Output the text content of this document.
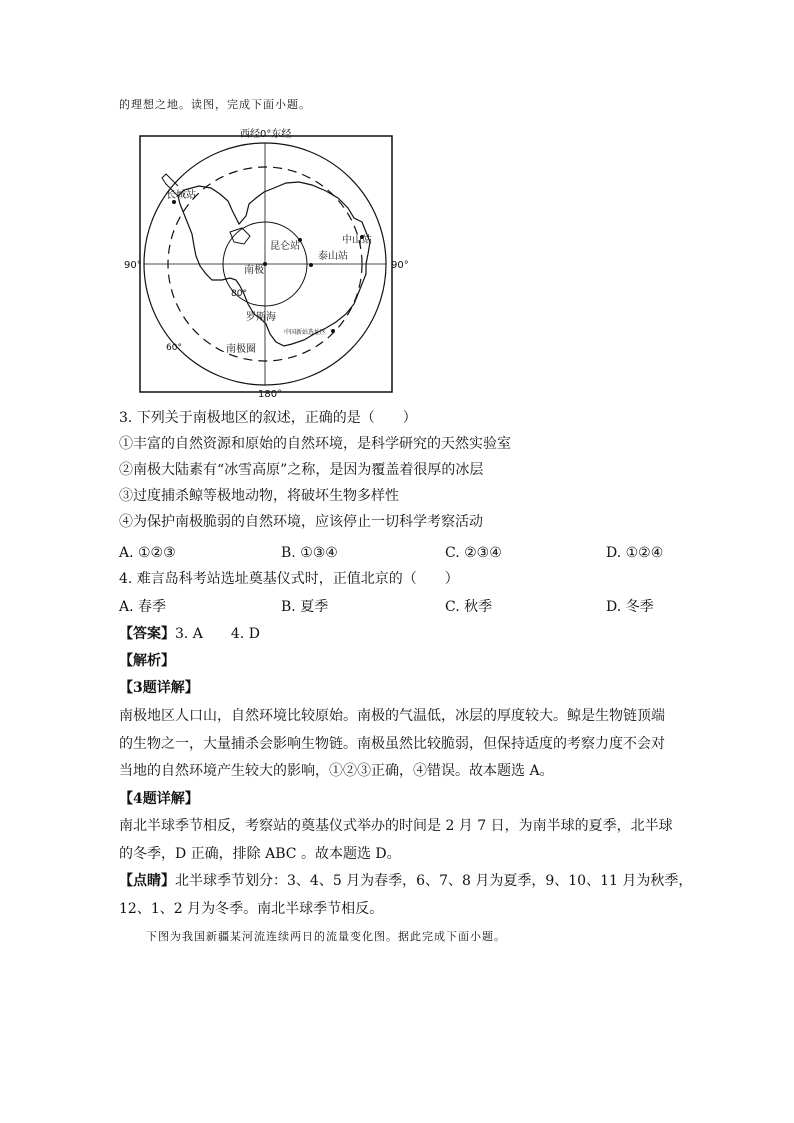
的理想之地。读图，完成下面小题。
西经0°东经
180°
90°	90°
80°
60°
长城站
昆仑站
中山站
泰山站
南极
罗斯海
中国新站选址区
南极圈
3. 下列关于南极地区的叙述，正确的是（　　）
①丰富的自然资源和原始的自然环境，是科学研究的天然实验室
②南极大陆素有“冰雪高原”之称，是因为覆盖着很厚的冰层
③过度捕杀鲸等极地动物，将破坏生物多样性
④为保护南极脆弱的自然环境，应该停止一切科学考察活动
A. ①②③	B. ①③④	C. ②③④	D. ①②④
4. 难言岛科考站选址奠基仪式时，正值北京的（　　）
A. 春季	B. 夏季	C. 秋季	D. 冬季
【答案】3. A　　4. D
【解析】
【3题详解】
南极地区人口山，自然环境比较原始。南极的气温低，冰层的厚度较大。鲸是生物链顶端
的生物之一，大量捕杀会影响生物链。南极虽然比较脆弱，但保持适度的考察力度不会对
当地的自然环境产生较大的影响，①②③正确，④错误。故本题选 A。
【4题详解】
南北半球季节相反，考察站的奠基仪式举办的时间是 2 月 7 日，为南半球的夏季，北半球
的冬季，D 正确，排除 ABC 。故本题选 D。
【点睛】北半球季节划分：3、4、5 月为春季，6、7、8 月为夏季，9、10、11 月为秋季，
12、1、2 月为冬季。南北半球季节相反。
下图为我国新疆某河流连续两日的流量变化图。据此完成下面小题。
